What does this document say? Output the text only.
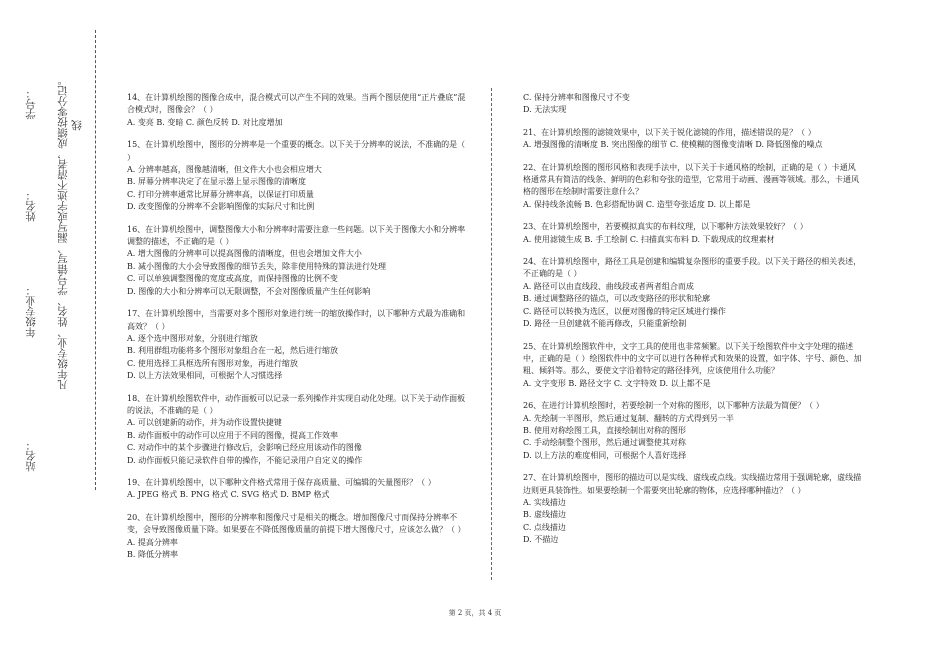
学号：
姓名：
年级专业：
站名：
凡年级专业、姓名、学号错写、漏写或字迹不清者，成绩按零分记。 线

14、在计算机绘图的图像合成中，混合模式可以产生不同的效果。当两个图层使用“正片叠底”混合模式时，图像会？（ ）

A. 变亮 B. 变暗 C. 颜色反转 D. 对比度增加

15、在计算机绘图中，图形的分辨率是一个重要的概念。以下关于分辨率的说法，不准确的是（ ）

A. 分辨率越高，图像越清晰，但文件大小也会相应增大

B. 屏幕分辨率决定了在显示器上显示图像的清晰度

C. 打印分辨率通常比屏幕分辨率高，以保证打印质量

D. 改变图像的分辨率不会影响图像的实际尺寸和比例

16、在计算机绘图中，调整图像大小和分辨率时需要注意一些问题。以下关于图像大小和分辨率调整的描述，不正确的是（ ）

A. 增大图像的分辨率可以提高图像的清晰度，但也会增加文件大小

B. 减小图像的大小会导致图像的细节丢失，除非使用特殊的算法进行处理

C. 可以单独调整图像的宽度或高度，而保持图像的比例不变

D. 图像的大小和分辨率可以无限调整，不会对图像质量产生任何影响

17、在计算机绘图中，当需要对多个图形对象进行统一的缩放操作时，以下哪种方式最为准确和高效？（ ）

A. 逐个选中图形对象，分别进行缩放

B. 利用群组功能将多个图形对象组合在一起，然后进行缩放

C. 使用选择工具框选所有图形对象，再进行缩放

D. 以上方法效果相同，可根据个人习惯选择

18、在计算机绘图软件中，动作面板可以记录一系列操作并实现自动化处理。以下关于动作面板的说法，不准确的是（ ）

A. 可以创建新的动作，并为动作设置快捷键

B. 动作面板中的动作可以应用于不同的图像，提高工作效率

C. 对动作中的某个步骤进行修改后，会影响已经应用该动作的图像

D. 动作面板只能记录软件自带的操作，不能记录用户自定义的操作

19、在计算机绘图中，以下哪种文件格式常用于保存高质量、可编辑的矢量图形？（ ）

A. JPEG 格式 B. PNG 格式 C. SVG 格式 D. BMP 格式

20、在计算机绘图中，图形的分辨率和图像尺寸是相关的概念。增加图像尺寸而保持分辨率不变，会导致图像质量下降。如果要在不降低图像质量的前提下增大图像尺寸，应该怎么做？（ ）

A. 提高分辨率

B. 降低分辨率

C. 保持分辨率和图像尺寸不变

D. 无法实现

21、在计算机绘图的滤镜效果中，以下关于锐化滤镜的作用，描述错误的是？（ ）

A. 增强图像的清晰度 B. 突出图像的细节 C. 使模糊的图像变清晰 D. 降低图像的噪点

22、在计算机绘图的图形风格和表现手法中，以下关于卡通风格的绘制，正确的是（ ）卡通风格通常具有简洁的线条、鲜明的色彩和夸张的造型，它常用于动画、漫画等领域。那么，卡通风格的图形在绘制时需要注意什么？

A. 保持线条流畅 B. 色彩搭配协调 C. 造型夸张适度 D. 以上都是

23、在计算机绘图中，若要模拟真实的布料纹理，以下哪种方法效果较好？（ ）

A. 使用滤镜生成 B. 手工绘制 C. 扫描真实布料 D. 下载现成的纹理素材

24、在计算机绘图中，路径工具是创建和编辑复杂图形的重要手段。以下关于路径的相关表述，不正确的是（ ）

A. 路径可以由直线段、曲线段或者两者组合而成

B. 通过调整路径的锚点，可以改变路径的形状和轮廓

C. 路径可以转换为选区，以便对图像的特定区域进行操作

D. 路径一旦创建就不能再修改，只能重新绘制

25、在计算机绘图软件中，文字工具的使用也非常频繁。以下关于绘图软件中文字处理的描述中，正确的是（ ）绘图软件中的文字可以进行各种样式和效果的设置，如字体、字号、颜色、加粗、倾斜等。那么，要使文字沿着特定的路径排列，应该使用什么功能？

A. 文字变形 B. 路径文字 C. 文字特效 D. 以上都不是

26、在进行计算机绘图时，若要绘制一个对称的图形，以下哪种方法最为简便？（ ）

A. 先绘制一半图形，然后通过复制、翻转的方式得到另一半

B. 使用对称绘图工具，直接绘制出对称的图形

C. 手动绘制整个图形，然后通过调整使其对称

D. 以上方法的难度相同，可根据个人喜好选择

27、在计算机绘图中，图形的描边可以是实线、虚线或点线。实线描边常用于强调轮廓，虚线描边则更具装饰性。如果要绘制一个需要突出轮廓的物体，应选择哪种描边？（ ）

A. 实线描边

B. 虚线描边

C. 点线描边

D. 不描边

第 2 页，共 4 页
